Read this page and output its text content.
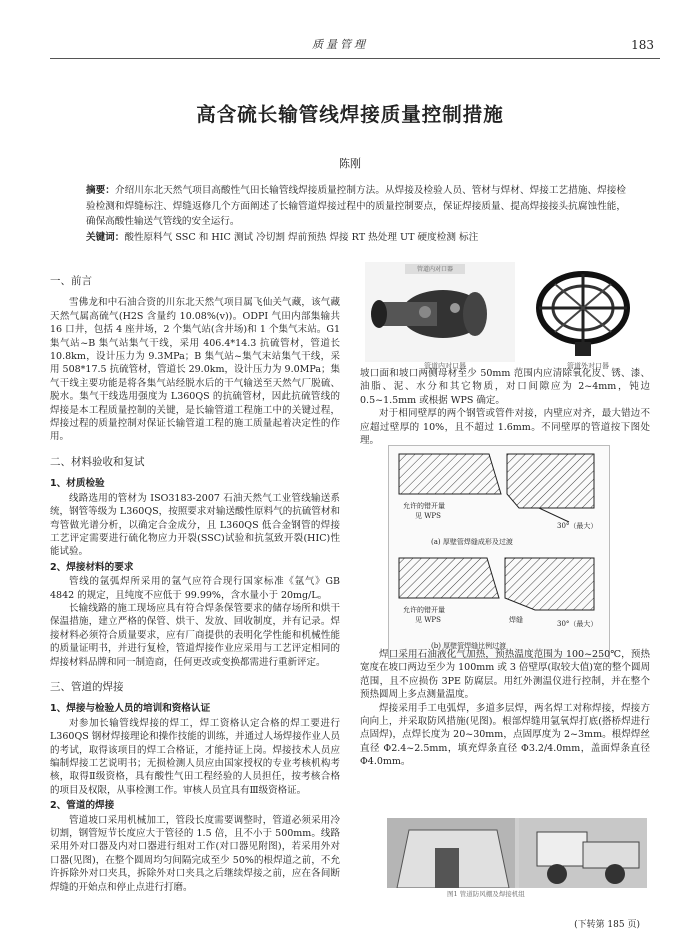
质量管理	183
高含硫长输管线焊接质量控制措施
陈刚
摘要：介绍川东北天然气项目高酸性气田长输管线焊接质量控制方法。从焊接及检验人员、管材与焊材、焊接工艺措施、焊接检验检测和焊缝标注、焊缝返修几个方面阐述了长输管道焊接过程中的质量控制要点，保证焊接质量、提高焊接接头抗腐蚀性能，确保高酸性输送气管线的安全运行。
关键词：酸性原料气 SSC 和 HIC 测试 冷切割 焊前预热 焊接 RT 热处理 UT 硬度检测 标注
一、前言

雪佛龙和中石油合资的川东北天然气项目属飞仙关气藏，该气藏天然气属高硫气(H2S 含量约 10.08%(v))。ODPI 气田内部集输共 16 口井，包括 4 座井场，2 个集气站(含井场)和 1 个集气末站。G1 集气站~B 集气站集气干线，采用 406.4*14.3 抗硫管材，管道长 10.8km，设计压力为 9.3MPa；B 集气站~集气末站集气干线，采用 508*17.5 抗硫管材，管道长 29.0km，设计压力为 9.0MPa；集气干线主要功能是将各集气站经脱水后的干气输送至天然气厂脱硫、脱水。集气干线选用强度为 L360QS 的抗硫管材，因此抗硫管线的焊接是本工程质量控制的关键，是长输管道工程施工中的关键过程，焊接过程的质量控制对保证长输管道工程的施工质量起着决定性的作用。

二、材料验收和复试
1、材质检验

线路选用的管材为 ISO3183-2007 石油天然气工业管线输送系统，钢管等级为 L360QS，按照要求对输送酸性原料气的抗硫管材和弯管做光谱分析，以确定合金成分，且 L360QS 低合金钢管的焊接工艺评定需要进行硫化物应力开裂(SSC)试验和抗氢致开裂(HIC)性能试验。

2、焊接材料的要求

管线的氩弧焊所采用的氩气应符合现行国家标准《氩气》GB 4842 的规定，且纯度不应低于 99.99%，含水量小于 20mg/L。

长输线路的施工现场应具有符合焊条保管要求的储存场所和烘干保温措施，建立严格的保管、烘干、发放、回收制度，并有记录。焊接材料必须符合质量要求，应有厂商提供的表明化学性能和机械性能的质量证明书，并进行复检，管道焊接作业应采用与工艺评定相同的焊接材料品牌和同一制造商，任何更改或变换都需进行重新评定。

三、管道的焊接
1、焊接与检验人员的培训和资格认证

对参加长输管线焊接的焊工，焊工资格认定合格的焊工要进行 L360QS 钢材焊接理论和操作技能的训练，并通过人场焊接作业人员的考试，取得该项目的焊工合格证，才能持证上岗。焊接技术人员应编制焊接工艺说明书；无损检测人员应由国家授权的专业考核机构考核，取得Ⅱ级资格，具有酸性气田工程经验的人员担任，按考核合格的项目及权限，从事检测工作。审核人员宜具有Ⅲ级资格证。

2、管道的焊接

管道坡口采用机械加工，管段长度需要调整时，管道必须采用冷切割，钢管短节长度应大于管径的 1.5 倍，且不小于 500mm。线路采用外对口器及内对口器进行组对工作(对口器见附图)，若采用外对口器(见图)，在整个圆周均匀间隔完成至少 50%的根焊道之前，不允许拆除外对口夹具，拆除外对口夹具之后继续焊接之前，应在各间断焊缝的开始点和停止点进行打磨。

管道内对口器
管道内对口器	管道外对口器

坡口面和坡口两侧母材至少 50mm 范围内应清除氧化皮、锈、漆、油脂、泥、水分和其它物质，对口间隙应为 2~4mm，钝边 0.5~1.5mm 或根据 WPS 确定。

对于相同壁厚的两个钢管或管件对接，内壁应对齐，最大错边不应超过壁厚的 10%，且不超过 1.6mm。不同壁厚的管道按下图处理。

30°（最大）
允许的错开量
见 WPS
(a) 厚壁管焊缝成形及过渡
允许的错开量
见 WPS	焊缝	30°（最大）
(b) 厚壁管焊缝比例过渡

焊口采用石油液化气加热，预热温度范围为 100~250℃，预热宽度在坡口两边至少为 100mm 或 3 倍壁厚(取较大值)宽的整个圆周范围，且不应损伤 3PE 防腐层。用红外测温仪进行控制，并在整个预热圆周上多点测量温度。

焊接采用手工电弧焊，多道多层焊，两名焊工对称焊接，焊接方向向上，并采取防风措施(见图)。根部焊缝用氩氧焊打底(搭桥焊进行点固焊)，点焊长度为 20~30mm，点固厚度为 2~3mm。根焊焊丝直径 Φ2.4~2.5mm，填充焊条直径 Φ3.2/4.0mm，盖面焊条直径 Φ4.0mm。

图1 管道防风棚及焊接机组
(下转第 185 页)
